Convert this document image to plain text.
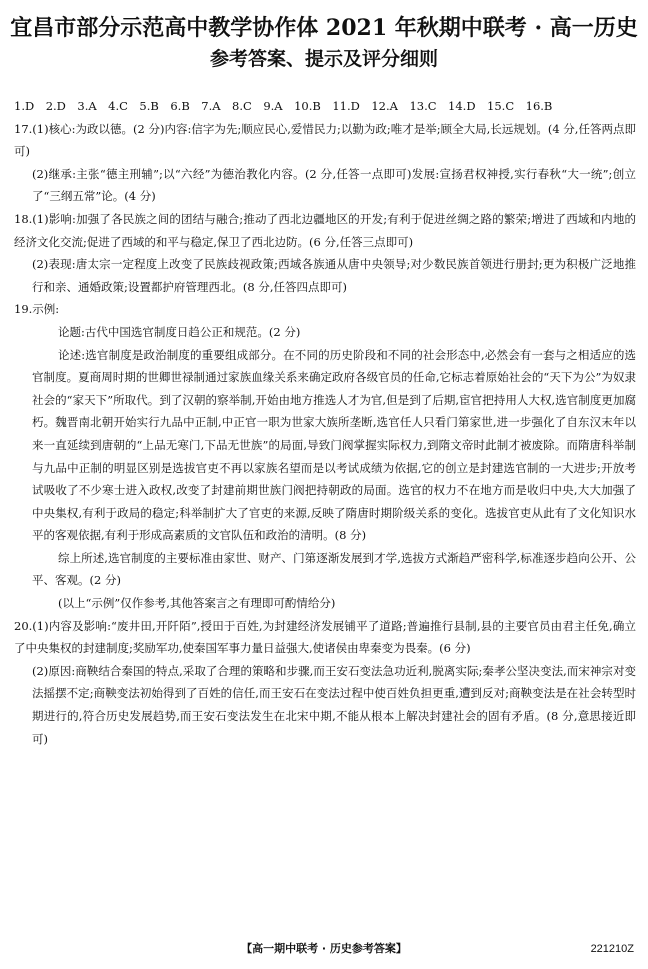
宜昌市部分示范高中教学协作体 2021 年秋期中联考 · 高一历史
参考答案、提示及评分细则

1.D　2.D　3.A　4.C　5.B　6.B　7.A　8.C　9.A　10.B　11.D　12.A　13.C　14.D　15.C　16.B

17.(1)核心:为政以德。(2 分)内容:信字为先;顺应民心,爱惜民力;以勤为政;唯才是举;顾全大局,长远规划。(4 分,任答两点即可)

(2)继承:主张“德主刑辅”;以“六经”为德治教化内容。(2 分,任答一点即可)发展:宣扬君权神授,实行春秋“大一统”;创立了“三纲五常”论。(4 分)

18.(1)影响:加强了各民族之间的团结与融合;推动了西北边疆地区的开发;有利于促进丝绸之路的繁荣;增进了西域和内地的经济文化交流;促进了西域的和平与稳定,保卫了西北边防。(6 分,任答三点即可)

(2)表现:唐太宗一定程度上改变了民族歧视政策;西域各族通从唐中央领导;对少数民族首领进行册封;更为积极广泛地推行和亲、通婚政策;设置都护府管理西北。(8 分,任答四点即可)

19.示例:

论题:古代中国选官制度日趋公正和规范。(2 分)

论述:选官制度是政治制度的重要组成部分。在不同的历史阶段和不同的社会形态中,必然会有一套与之相适应的选官制度。夏商周时期的世卿世禄制通过家族血缘关系来确定政府各级官员的任命,它标志着原始社会的“天下为公”为奴隶社会的“家天下”所取代。到了汉朝的察举制,开始由地方推选人才为官,但是到了后期,宦官把持用人大权,选官制度更加腐朽。魏晋南北朝开始实行九品中正制,中正官一职为世家大族所垄断,选官任人只看门第家世,进一步强化了自东汉末年以来一直延续到唐朝的“上品无寒门,下品无世族”的局面,导致门阀掌握实际权力,到隋文帝时此制才被废除。而隋唐科举制与九品中正制的明显区别是选拔官吏不再以家族名望而是以考试成绩为依据,它的创立是封建选官制的一大进步;开放考试吸收了不少寒士进入政权,改变了封建前期世族门阀把持朝政的局面。选官的权力不在地方而是收归中央,大大加强了中央集权,有利于政局的稳定;科举制扩大了官吏的来源,反映了隋唐时期阶级关系的变化。选拔官吏从此有了文化知识水平的客观依据,有利于形成高素质的文官队伍和政治的清明。(8 分)

综上所述,选官制度的主要标准由家世、财产、门第逐渐发展到才学,选拔方式渐趋严密科学,标准逐步趋向公开、公平、客观。(2 分)

(以上“示例”仅作参考,其他答案言之有理即可酌情给分)

20.(1)内容及影响:“废井田,开阡陌”,授田于百姓,为封建经济发展铺平了道路;普遍推行县制,县的主要官员由君主任免,确立了中央集权的封建制度;奖励军功,使秦国军事力量日益强大,使诸侯由卑秦变为畏秦。(6 分)

(2)原因:商鞅结合秦国的特点,采取了合理的策略和步骤,而王安石变法急功近利,脱离实际;秦孝公坚决变法,而宋神宗对变法摇摆不定;商鞅变法初始得到了百姓的信任,而王安石在变法过程中使百姓负担更重,遭到反对;商鞅变法是在社会转型时期进行的,符合历史发展趋势,而王安石变法发生在北宋中期,不能从根本上解决封建社会的固有矛盾。(8 分,意思接近即可)

【高一期中联考 · 历史参考答案】	221210Z
